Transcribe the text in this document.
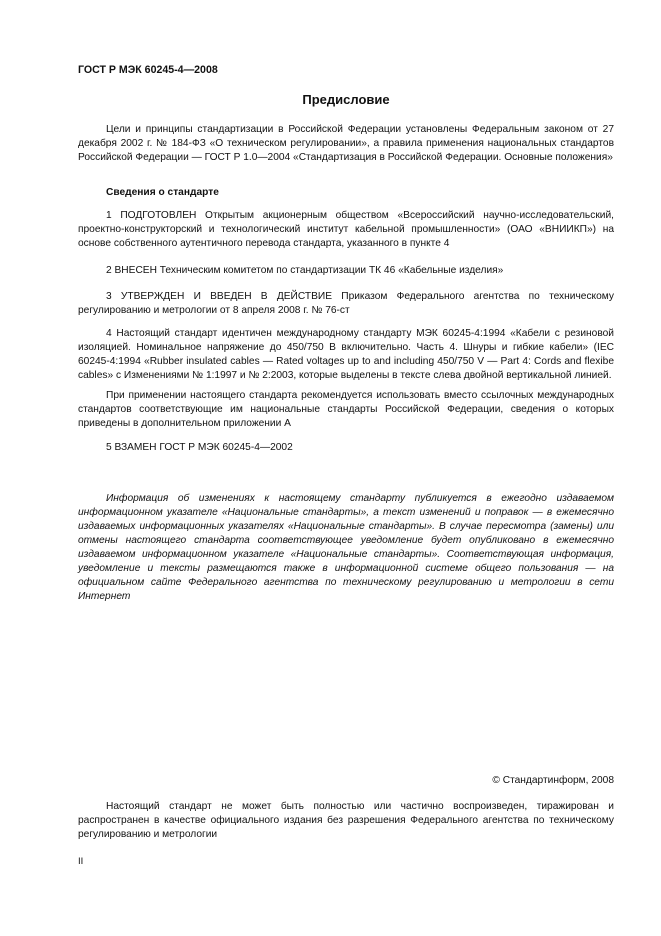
ГОСТ Р МЭК 60245-4—2008
Предисловие

Цели и принципы стандартизации в Российской Федерации установлены Федеральным законом от 27 декабря 2002 г. № 184-ФЗ «О техническом регулировании», а правила применения национальных стандартов Российской Федерации — ГОСТ Р 1.0—2004 «Стандартизация в Российской Федерации. Основные положения»

Сведения о стандарте

1 ПОДГОТОВЛЕН Открытым акционерным обществом «Всероссийский научно-исследовательский, проектно-конструкторский и технологический институт кабельной промышленности» (ОАО «ВНИИКП») на основе собственного аутентичного перевода стандарта, указанного в пункте 4

2 ВНЕСЕН Техническим комитетом по стандартизации ТК 46 «Кабельные изделия»

3 УТВЕРЖДЕН И ВВЕДЕН В ДЕЙСТВИЕ Приказом Федерального агентства по техническому регулированию и метрологии от 8 апреля 2008 г. № 76-ст

4 Настоящий стандарт идентичен международному стандарту МЭК 60245-4:1994 «Кабели с резиновой изоляцией. Номинальное напряжение до 450/750 В включительно. Часть 4. Шнуры и гибкие кабели» (IEC 60245-4:1994 «Rubber insulated cables — Rated voltages up to and including 450/750 V — Part 4: Cords and flexibe cables» с Изменениями № 1:1997 и № 2:2003, которые выделены в тексте слева двойной вертикальной линией.

При применении настоящего стандарта рекомендуется использовать вместо ссылочных международных стандартов соответствующие им национальные стандарты Российской Федерации, сведения о которых приведены в дополнительном приложении А

5 ВЗАМЕН ГОСТ Р МЭК 60245-4—2002

Информация об изменениях к настоящему стандарту публикуется в ежегодно издаваемом информационном указателе «Национальные стандарты», а текст изменений и поправок — в ежемесячно издаваемых информационных указателях «Национальные стандарты». В случае пересмотра (замены) или отмены настоящего стандарта соответствующее уведомление будет опубликовано в ежемесячно издаваемом информационном указателе «Национальные стандарты». Соответствующая информация, уведомление и тексты размещаются также в информационной системе общего пользования — на официальном сайте Федерального агентства по техническому регулированию и метрологии в сети Интернет

© Стандартинформ, 2008

Настоящий стандарт не может быть полностью или частично воспроизведен, тиражирован и распространен в качестве официального издания без разрешения Федерального агентства по техническому регулированию и метрологии

II
